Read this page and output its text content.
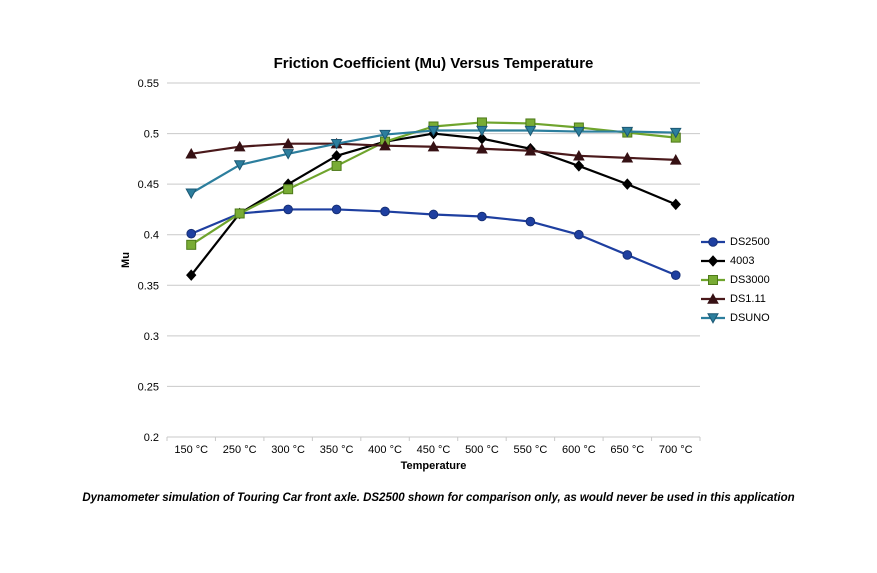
Friction Coefficient (Mu) Versus Temperature
Mu
0.55
0.5
0.45
0.4
0.35
0.3
0.25
0.2
150 °C 250 °C 300 °C 350 °C 400 °C 450 °C 500 °C 550 °C 600 °C 650 °C 700 °C
Temperature
DS2500
4003
DS3000
DS1.11
DSUNO
Dynamometer simulation of Touring Car front axle. DS2500 shown for comparison only, as would never be used in this application
